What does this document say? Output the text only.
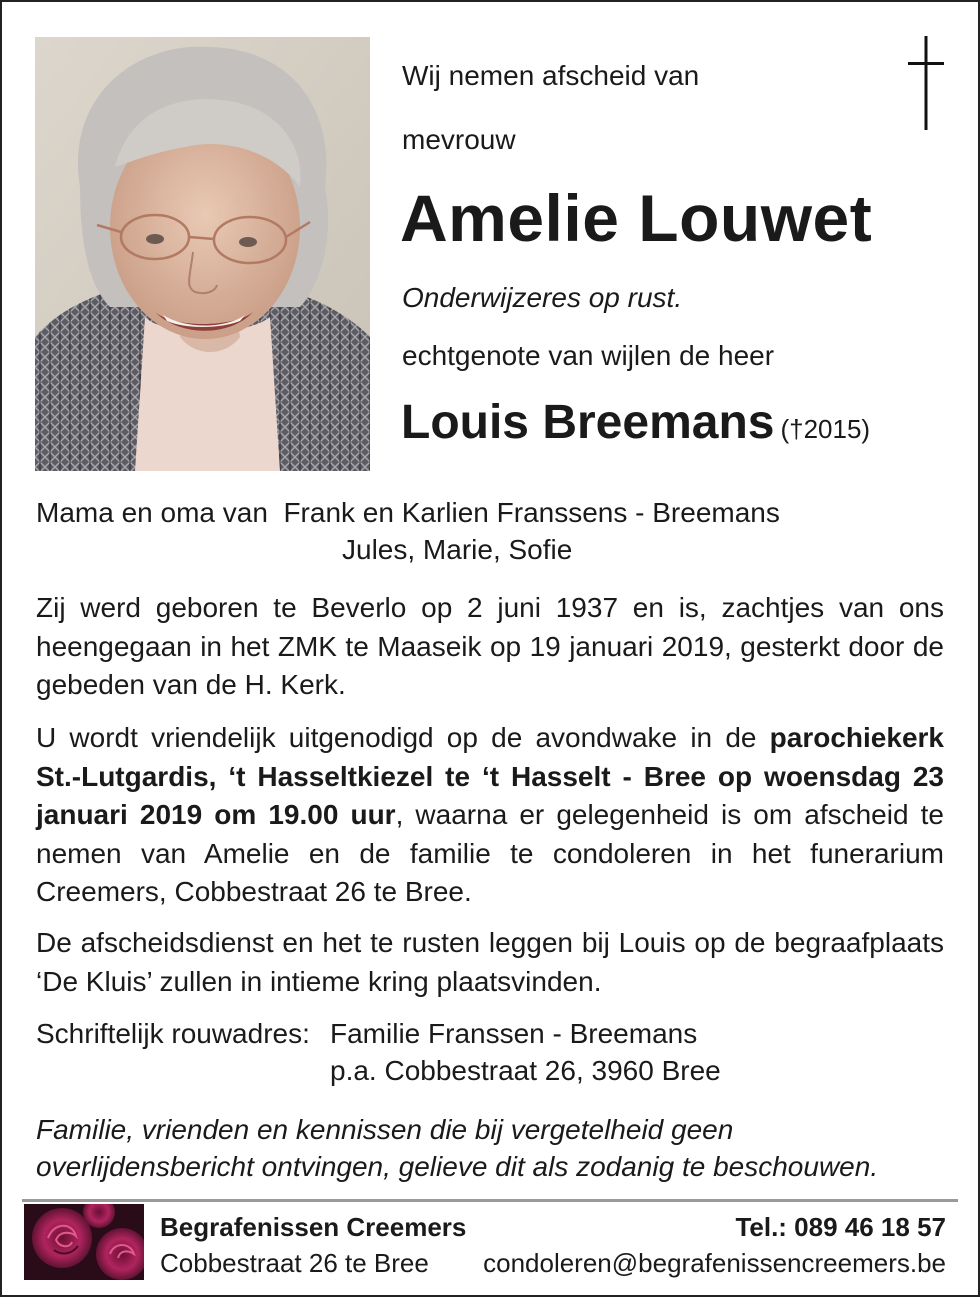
Wij nemen afscheid van
mevrouw
Amelie Louwet
Onderwijzeres op rust.
echtgenote van wijlen de heer
Louis Breemans (†2015)
Mama en oma van  Frank en Karlien Franssens - Breemans
Jules, Marie, Sofie

Zij werd geboren te Beverlo op 2 juni 1937 en is, zachtjes van ons heengegaan in het ZMK te Maaseik op 19 januari 2019, gesterkt door de gebeden van de H. Kerk.

U wordt vriendelijk uitgenodigd op de avondwake in de parochiekerk St.-Lutgardis, ‘t Hasseltkiezel te ‘t Hasselt - Bree op woensdag 23 januari 2019 om 19.00 uur, waarna er gelegenheid is om afscheid te nemen van Amelie en de familie te condoleren in het funerarium Creemers, Cobbestraat 26 te Bree.

De afscheidsdienst en het te rusten leggen bij Louis op de begraafplaats ‘De Kluis’ zullen in intieme kring plaatsvinden.

Schriftelijk rouwadres: Familie Franssen - Breemans
p.a. Cobbestraat 26, 3960 Bree

Familie, vrienden en kennissen die bij vergetelheid geen overlijdensbericht ontvingen, gelieve dit als zodanig te beschouwen.

Begrafenissen Creemers
Cobbestraat 26 te Bree
Tel.: 089 46 18 57
condoleren@begrafenissencreemers.be
